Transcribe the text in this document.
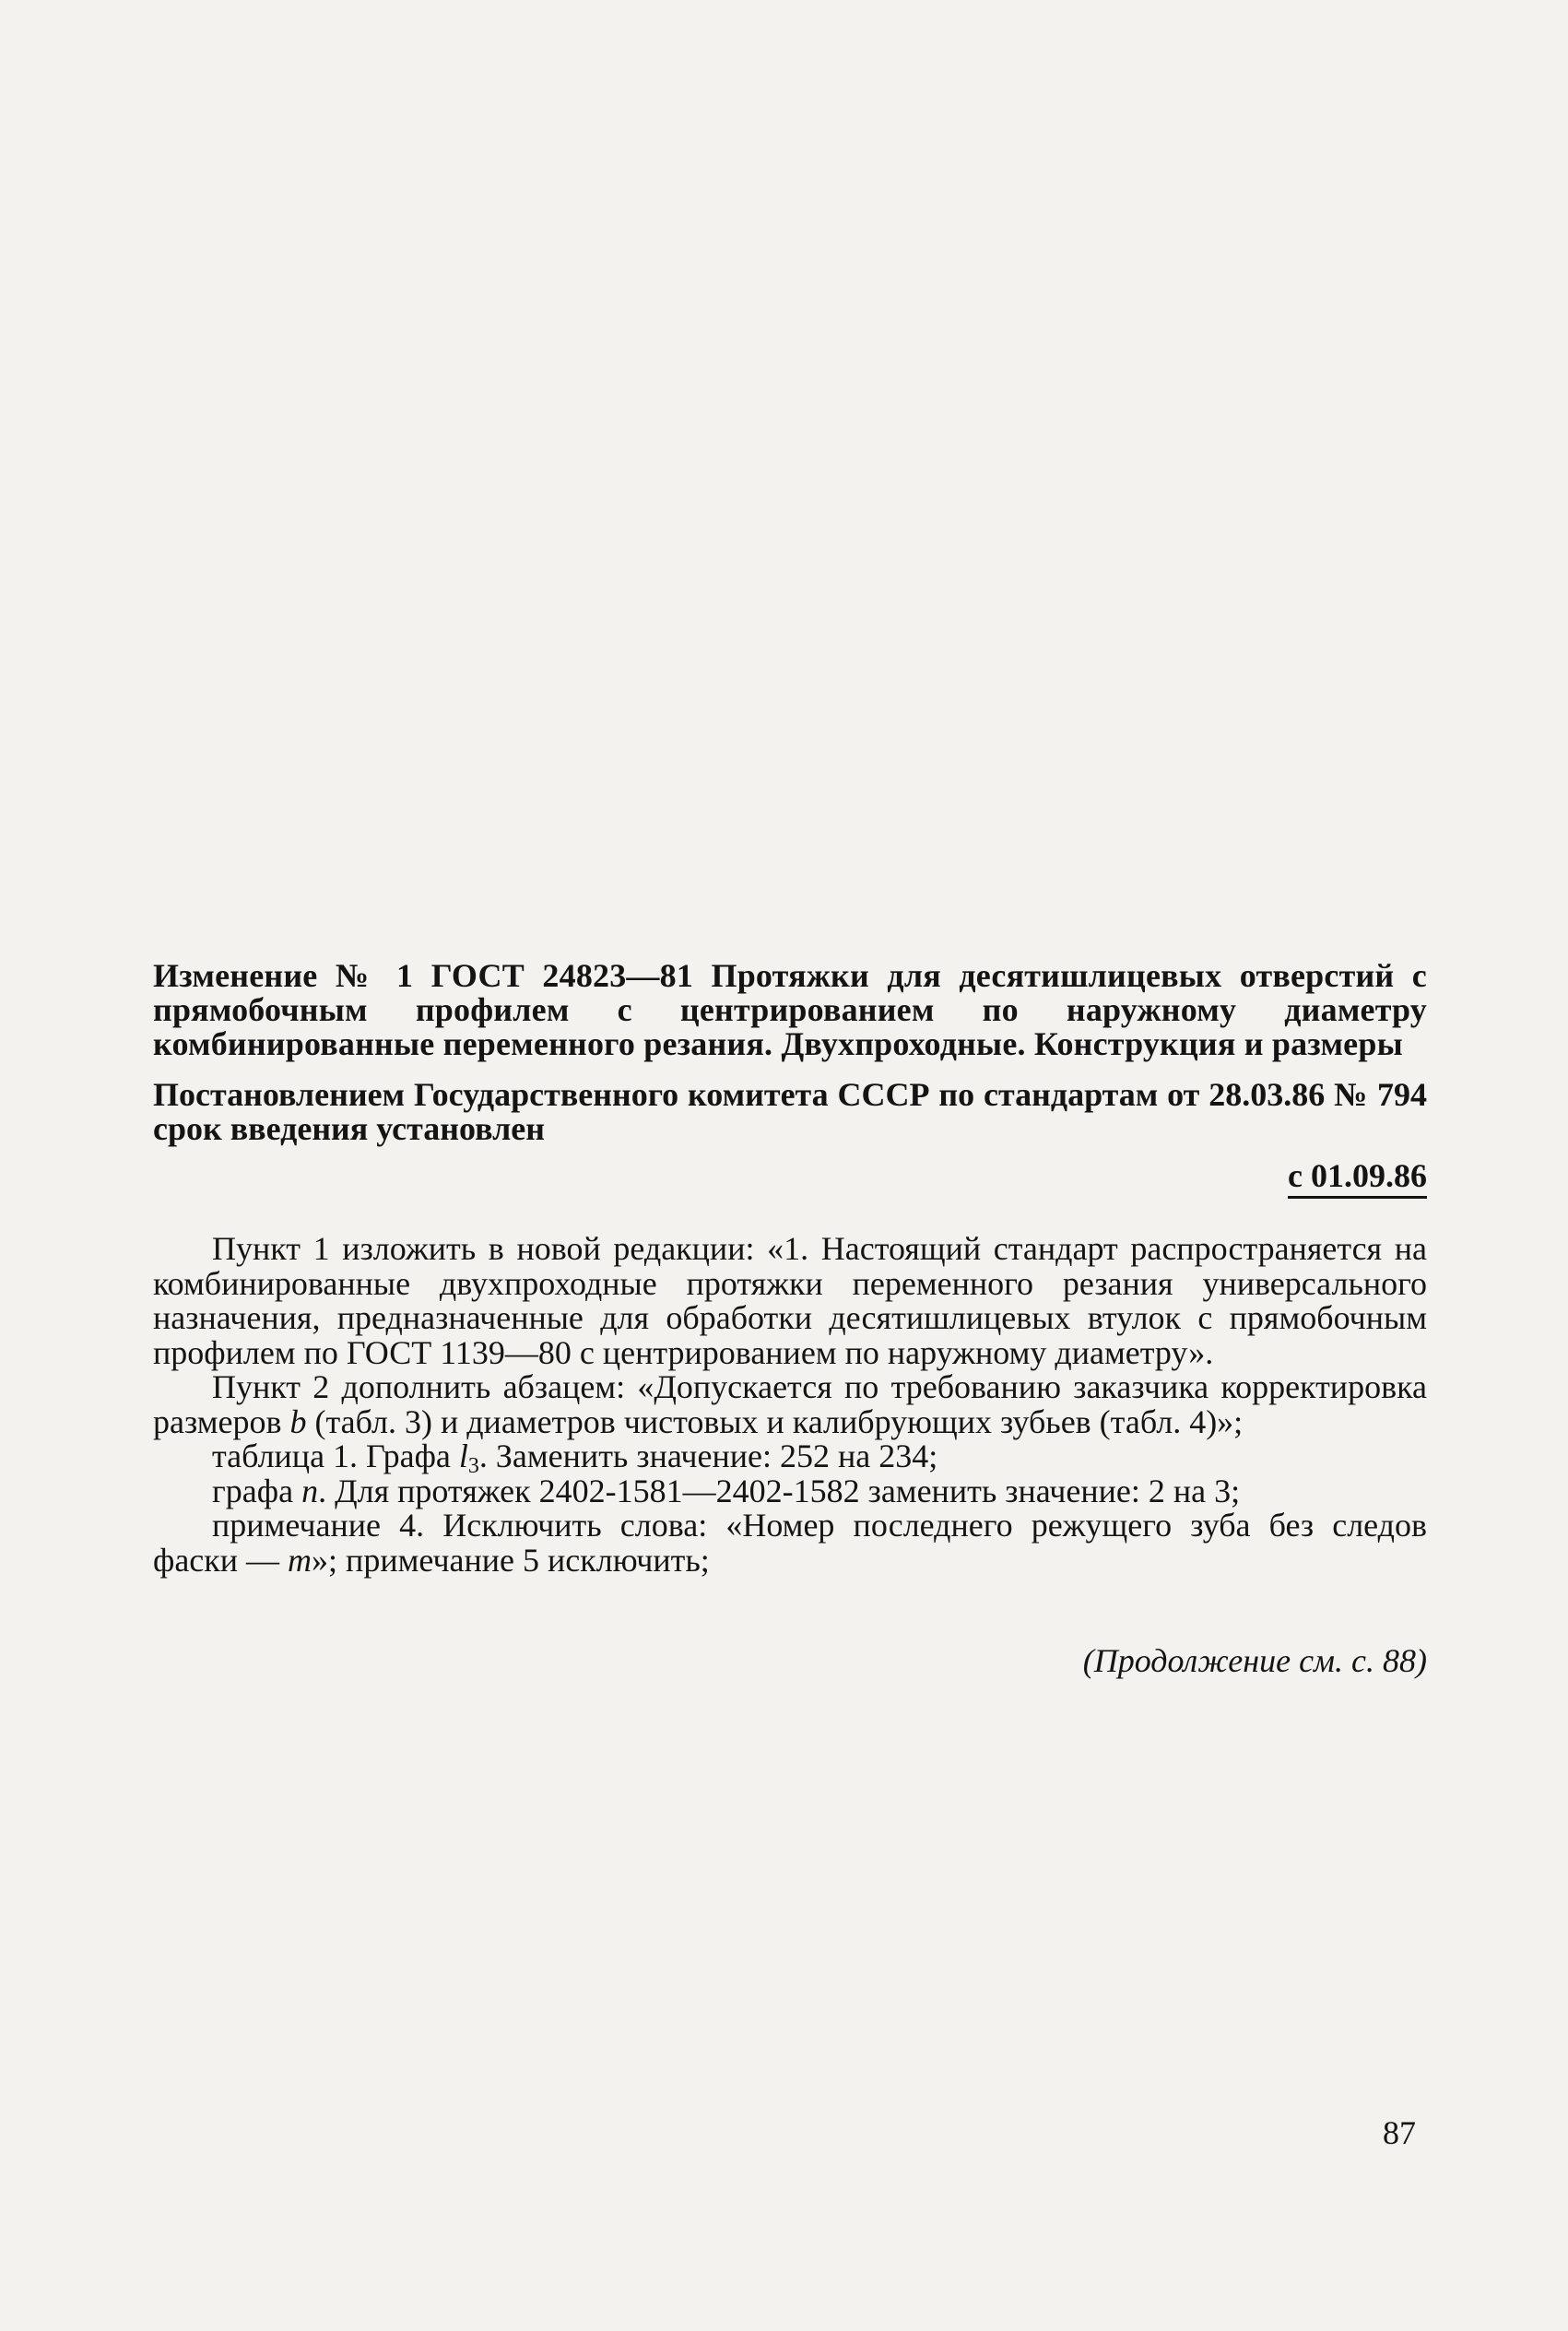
Изменение № 1 ГОСТ 24823—81 Протяжки для десятишлицевых отверстий с прямобочным профилем с центрированием по наружному диаметру комбинированные переменного резания. Двухпроходные. Конструкция и размеры

Постановлением Государственного комитета СССР по стандартам от 28.03.86 № 794 срок введения установлен

с 01.09.86

Пункт 1 изложить в новой редакции: «1. Настоящий стандарт распространяется на комбинированные двухпроходные протяжки переменного резания универсального назначения, предназначенные для обработки десятишлицевых втулок с прямобочным профилем по ГОСТ 1139—80 с центрированием по наружному диаметру».

Пункт 2 дополнить абзацем: «Допускается по требованию заказчика корректировка размеров b (табл. 3) и диаметров чистовых и калибрующих зубьев (табл. 4)»;

таблица 1. Графа $l_3$. Заменить значение: 252 на 234;

графа n. Для протяжек 2402-1581—2402-1582 заменить значение: 2 на 3;

примечание 4. Исключить слова: «Номер последнего режущего зуба без следов фаски — m»; примечание 5 исключить;

(Продолжение см. с. 88)
87
